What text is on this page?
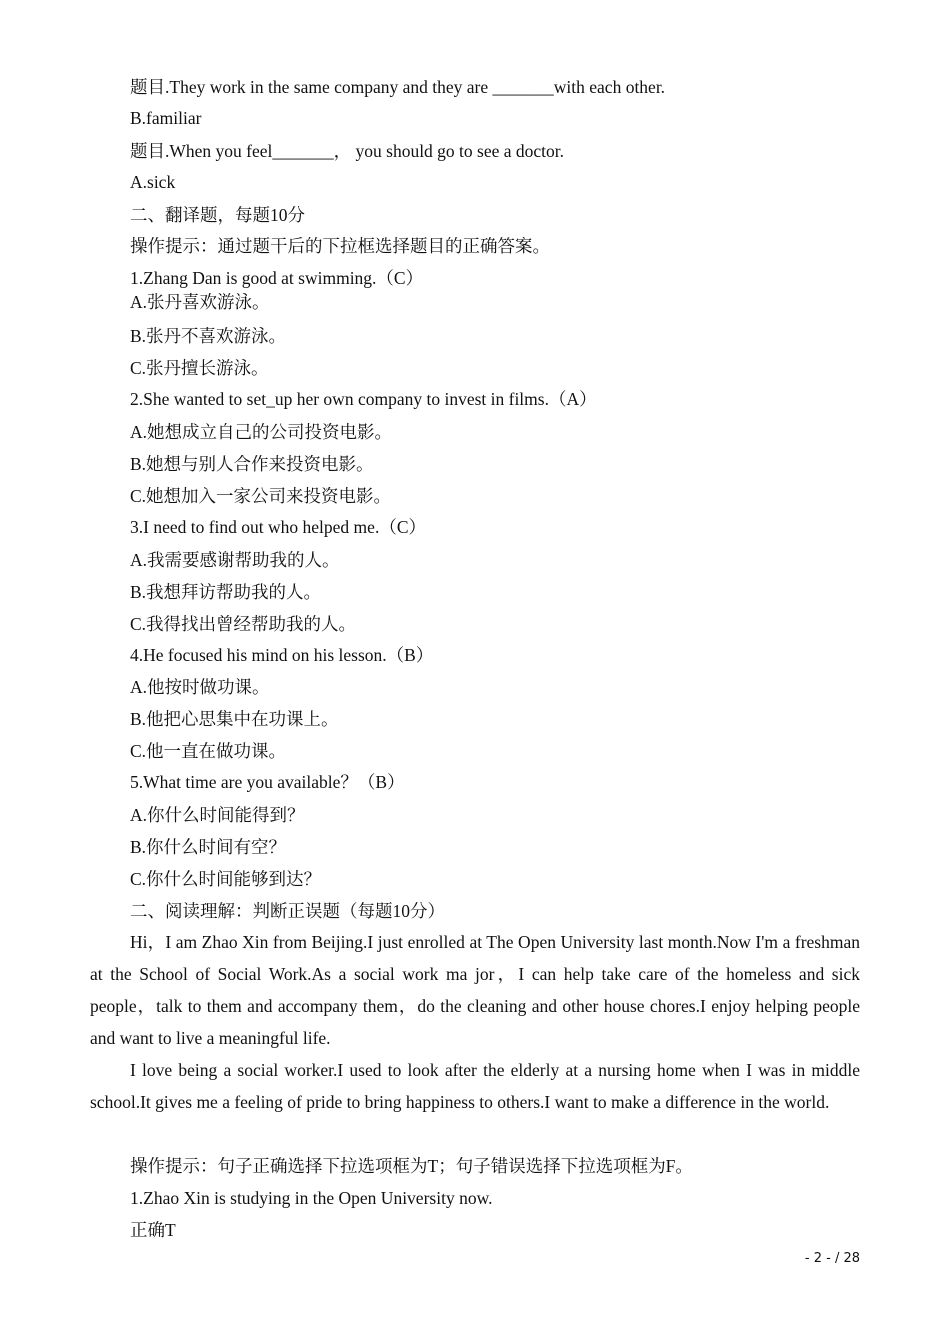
题目.They work in the same company and they are _______with each other.
B.familiar
题目.When you feel_______， you should go to see a doctor.
A.sick
二、翻译题，每题10分
操作提示：通过题干后的下拉框选择题目的正确答案。
1.Zhang Dan is good at swimming.（C）
A.张丹喜欢游泳。
B.张丹不喜欢游泳。
C.张丹擅长游泳。
2.She wanted to set_up her own company to invest in films.（A）
A.她想成立自己的公司投资电影。
B.她想与别人合作来投资电影。
C.她想加入一家公司来投资电影。
3.I need to find out who helped me.（C）
A.我需要感谢帮助我的人。
B.我想拜访帮助我的人。
C.我得找出曾经帮助我的人。
4.He focused his mind on his lesson.（B）
A.他按时做功课。
B.他把心思集中在功课上。
C.他一直在做功课。
5.What time are you available？（B）
A.你什么时间能得到？
B.你什么时间有空？
C.你什么时间能够到达？
二、阅读理解：判断正误题（每题10分）
Hi，I am Zhao Xin from Beijing.I just enrolled at The Open University last month.Now I'm a freshman at the School of Social Work.As a social work ma jor，I can help take care of the homeless and sick people，talk to them and accompany them，do the cleaning and other house chores.I enjoy helping people and want to live a meaningful life.
I love being a social worker.I used to look after the elderly at a nursing home when I was in middle school.It gives me a feeling of pride to bring happiness to others.I want to make a difference in the world.
操作提示：句子正确选择下拉选项框为T；句子错误选择下拉选项框为F。
1.Zhao Xin is studying in the Open University now.
正确T
- 2 - / 28
